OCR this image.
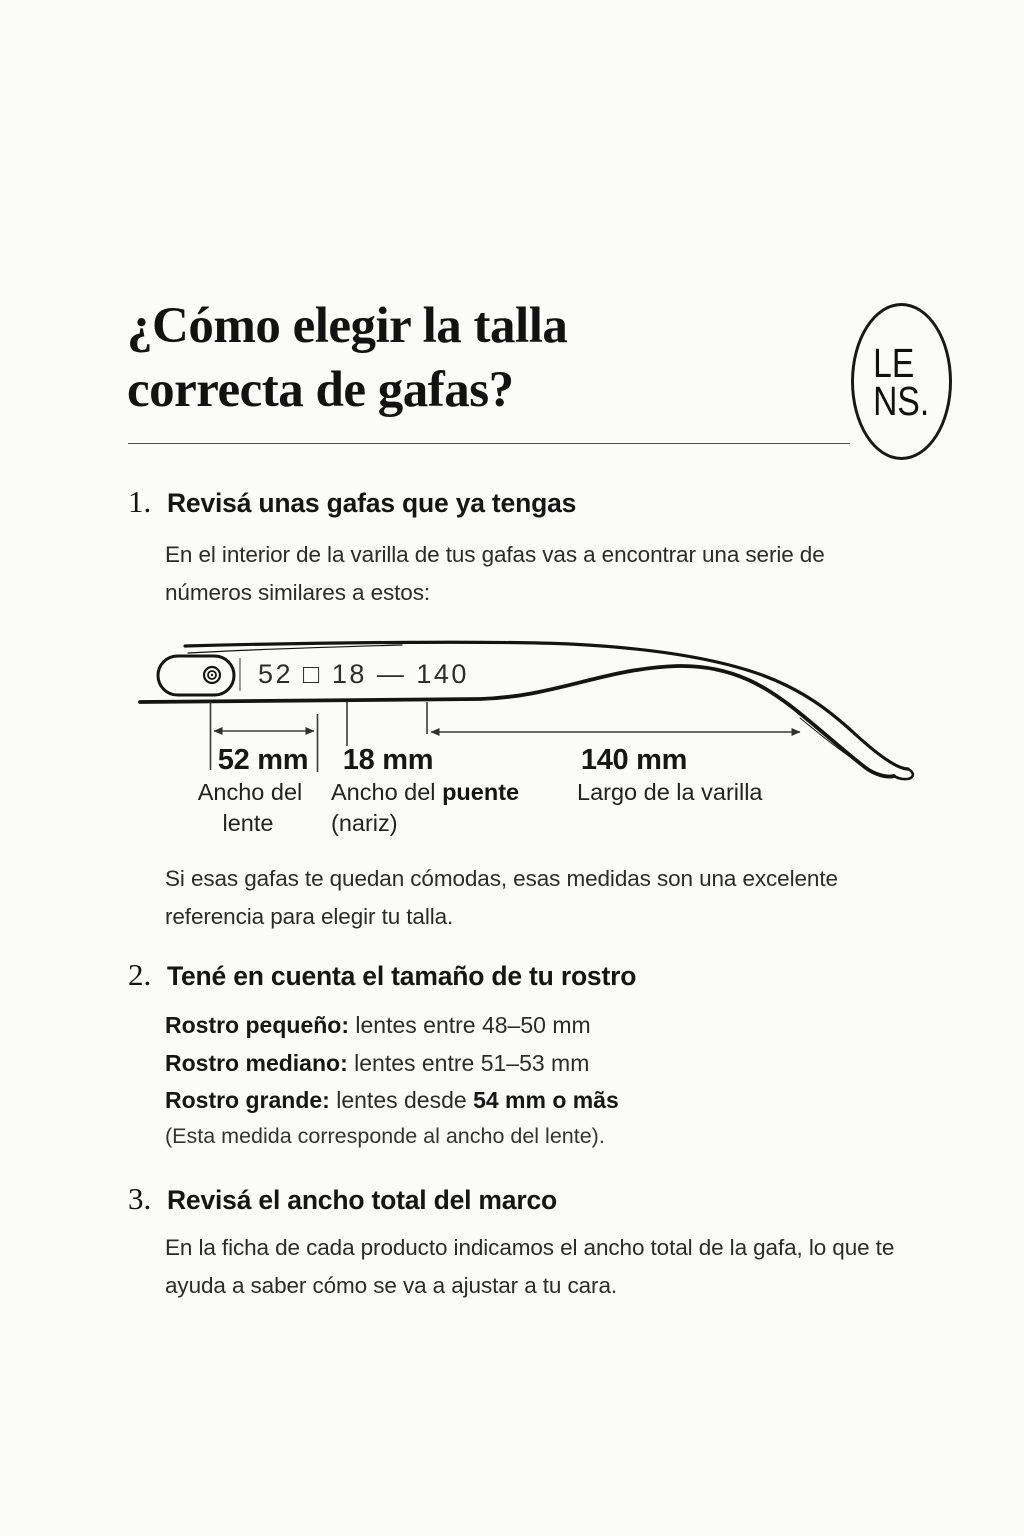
¿Cómo elegir la talla
correcta de gafas?	LE
NS.
1. Revisá unas gafas que ya tengas
En el interior de la varilla de tus gafas vas a encontrar una serie de números similares a estos:
52 □ 18 — 140
52 mm 18 mm	140 mm
Ancho del
lente
Ancho del puente
(nariz)
Largo de la varilla
Si esas gafas te quedan cómodas, esas medidas son una excelente referencia para elegir tu talla.
2. Tené en cuenta el tamaño de tu rostro
Rostro pequeño: lentes entre 48–50 mm
Rostro mediano: lentes entre 51–53 mm
Rostro grande: lentes desde 54 mm o mãs
(Esta medida corresponde al ancho del lente).
3. Revisá el ancho total del marco
En la ficha de cada producto indicamos el ancho total de la gafa, lo que te ayuda a saber cómo se va a ajustar a tu cara.
